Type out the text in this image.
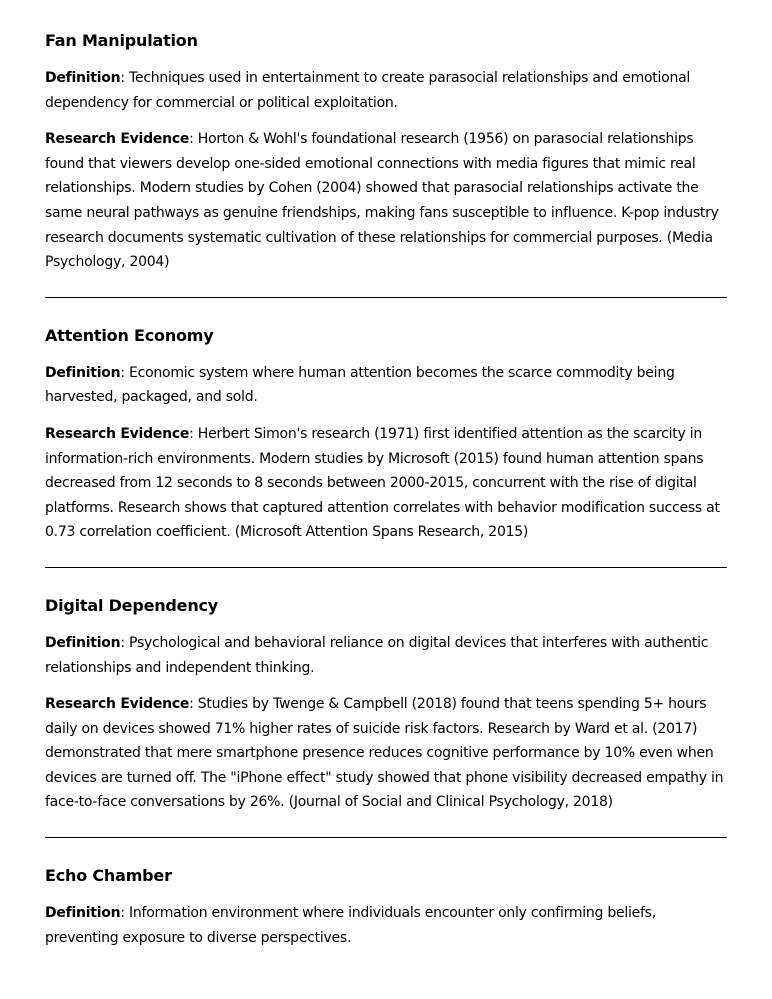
Fan Manipulation

Definition: Techniques used in entertainment to create parasocial relationships and emotional dependency for commercial or political exploitation.

Research Evidence: Horton & Wohl's foundational research (1956) on parasocial relationships found that viewers develop one-sided emotional connections with media figures that mimic real relationships. Modern studies by Cohen (2004) showed that parasocial relationships activate the same neural pathways as genuine friendships, making fans susceptible to influence. K-pop industry research documents systematic cultivation of these relationships for commercial purposes. (Media Psychology, 2004)

Attention Economy

Definition: Economic system where human attention becomes the scarce commodity being harvested, packaged, and sold.

Research Evidence: Herbert Simon's research (1971) first identified attention as the scarcity in information-rich environments. Modern studies by Microsoft (2015) found human attention spans decreased from 12 seconds to 8 seconds between 2000-2015, concurrent with the rise of digital platforms. Research shows that captured attention correlates with behavior modification success at 0.73 correlation coefficient. (Microsoft Attention Spans Research, 2015)

Digital Dependency

Definition: Psychological and behavioral reliance on digital devices that interferes with authentic relationships and independent thinking.

Research Evidence: Studies by Twenge & Campbell (2018) found that teens spending 5+ hours daily on devices showed 71% higher rates of suicide risk factors. Research by Ward et al. (2017) demonstrated that mere smartphone presence reduces cognitive performance by 10% even when devices are turned off. The "iPhone effect" study showed that phone visibility decreased empathy in face-to-face conversations by 26%. (Journal of Social and Clinical Psychology, 2018)

Echo Chamber

Definition: Information environment where individuals encounter only confirming beliefs, preventing exposure to diverse perspectives.
